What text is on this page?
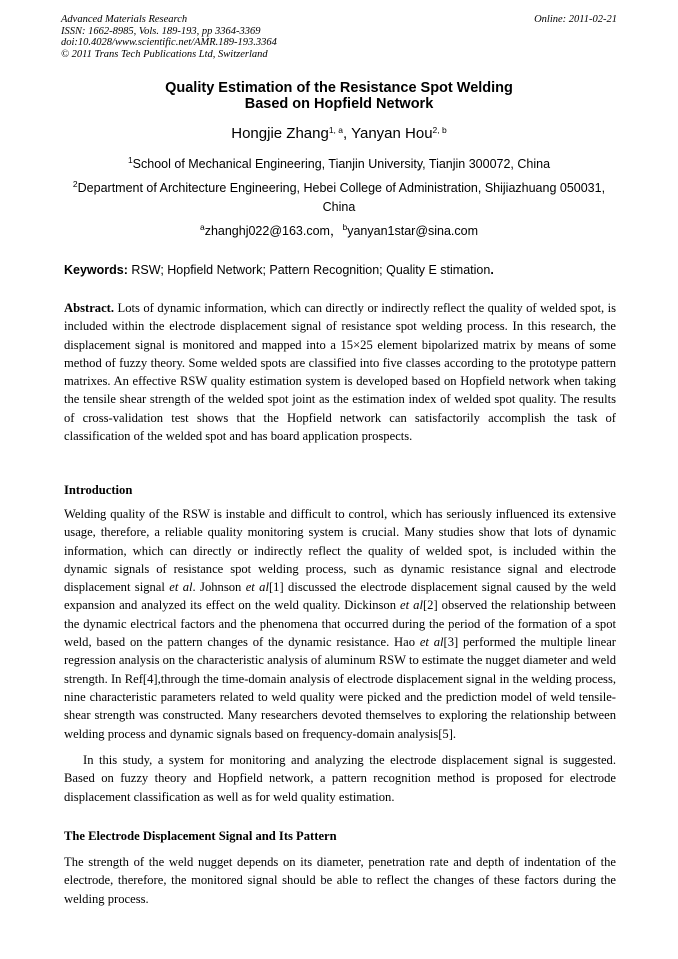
Advanced Materials Research
ISSN: 1662-8985, Vols. 189-193, pp 3364-3369
doi:10.4028/www.scientific.net/AMR.189-193.3364
© 2011 Trans Tech Publications Ltd, Switzerland
Online: 2011-02-21
Quality Estimation of the Resistance Spot Welding
Based on Hopfield Network
Hongjie Zhang$^{1, a}$, Yanyan Hou$^{2, b}$
$^1$School of Mechanical Engineering, Tianjin University, Tianjin 300072, China
$^2$Department of Architecture Engineering, Hebei College of Administration, Shijiazhuang 050031, China
$^a$zhanghj022@163.com，$^b$yanyan1star@sina.com
Keywords: RSW; Hopfield Network; Pattern Recognition; Quality E stimation.
Abstract. Lots of dynamic information, which can directly or indirectly reflect the quality of welded spot, is included within the electrode displacement signal of resistance spot welding process. In this research, the displacement signal is monitored and mapped into a 15×25 element bipolarized matrix by means of some method of fuzzy theory. Some welded spots are classified into five classes according to the prototype pattern matrixes. An effective RSW quality estimation system is developed based on Hopfield network when taking the tensile shear strength of the welded spot joint as the estimation index of welded spot quality. The results of cross-validation test shows that the Hopfield network can satisfactorily accomplish the task of classification of the welded spot and has board application prospects.
Introduction
Welding quality of the RSW is instable and difficult to control, which has seriously influenced its extensive usage, therefore, a reliable quality monitoring system is crucial. Many studies show that lots of dynamic information, which can directly or indirectly reflect the quality of welded spot, is included within the dynamic signals of resistance spot welding process, such as dynamic resistance signal and electrode displacement signal et al. Johnson et al[1] discussed the electrode displacement signal caused by the weld expansion and analyzed its effect on the weld quality. Dickinson et al[2] observed the relationship between the dynamic electrical factors and the phenomena that occurred during the period of the formation of a spot weld, based on the pattern changes of the dynamic resistance. Hao et al[3] performed the multiple linear regression analysis on the characteristic analysis of aluminum RSW to estimate the nugget diameter and weld strength. In Ref[4],through the time-domain analysis of electrode displacement signal in the welding process, nine characteristic parameters related to weld quality were picked and the prediction model of weld tensile-shear strength was constructed. Many researchers devoted themselves to exploring the relationship between welding process and dynamic signals based on frequency-domain analysis[5].
In this study, a system for monitoring and analyzing the electrode displacement signal is suggested. Based on fuzzy theory and Hopfield network, a pattern recognition method is proposed for electrode displacement classification as well as for weld quality estimation.
The Electrode Displacement Signal and Its Pattern
The strength of the weld nugget depends on its diameter, penetration rate and depth of indentation of the electrode, therefore, the monitored signal should be able to reflect the changes of these factors during the welding process.
